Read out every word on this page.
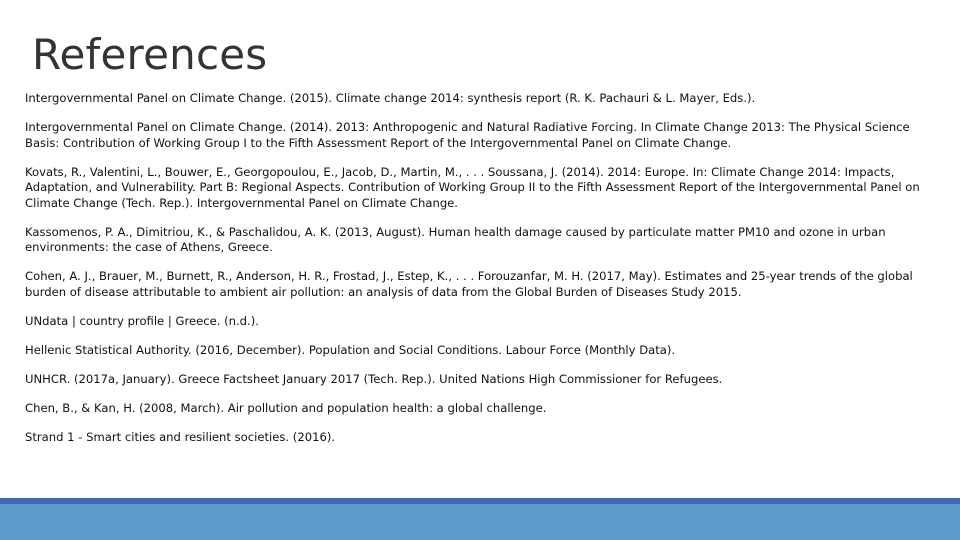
References
Intergovernmental Panel on Climate Change. (2015). Climate change 2014: synthesis report (R. K. Pachauri & L. Mayer, Eds.).
Intergovernmental Panel on Climate Change. (2014). 2013: Anthropogenic and Natural Radiative Forcing. In Climate Change 2013: The Physical Science Basis: Contribution of Working Group I to the Fifth Assessment Report of the Intergovernmental Panel on Climate Change.
Kovats, R., Valentini, L., Bouwer, E., Georgopoulou, E., Jacob, D., Martin, M., . . . Soussana, J. (2014). 2014: Europe. In: Climate Change 2014: Impacts, Adaptation, and Vulnerability. Part B: Regional Aspects. Contribution of Working Group II to the Fifth Assessment Report of the Intergovernmental Panel on Climate Change (Tech. Rep.). Intergovernmental Panel on Climate Change.
Kassomenos, P. A., Dimitriou, K., & Paschalidou, A. K. (2013, August). Human health damage caused by particulate matter PM10 and ozone in urban environments: the case of Athens, Greece.
Cohen, A. J., Brauer, M., Burnett, R., Anderson, H. R., Frostad, J., Estep, K., . . . Forouzanfar, M. H. (2017, May). Estimates and 25-year trends of the global burden of disease attributable to ambient air pollution: an analysis of data from the Global Burden of Diseases Study 2015.
UNdata | country profile | Greece. (n.d.).
Hellenic Statistical Authority. (2016, December). Population and Social Conditions. Labour Force (Monthly Data).
UNHCR. (2017a, January). Greece Factsheet January 2017 (Tech. Rep.). United Nations High Commissioner for Refugees.
Chen, B., & Kan, H. (2008, March). Air pollution and population health: a global challenge.
Strand 1 - Smart cities and resilient societies. (2016).
